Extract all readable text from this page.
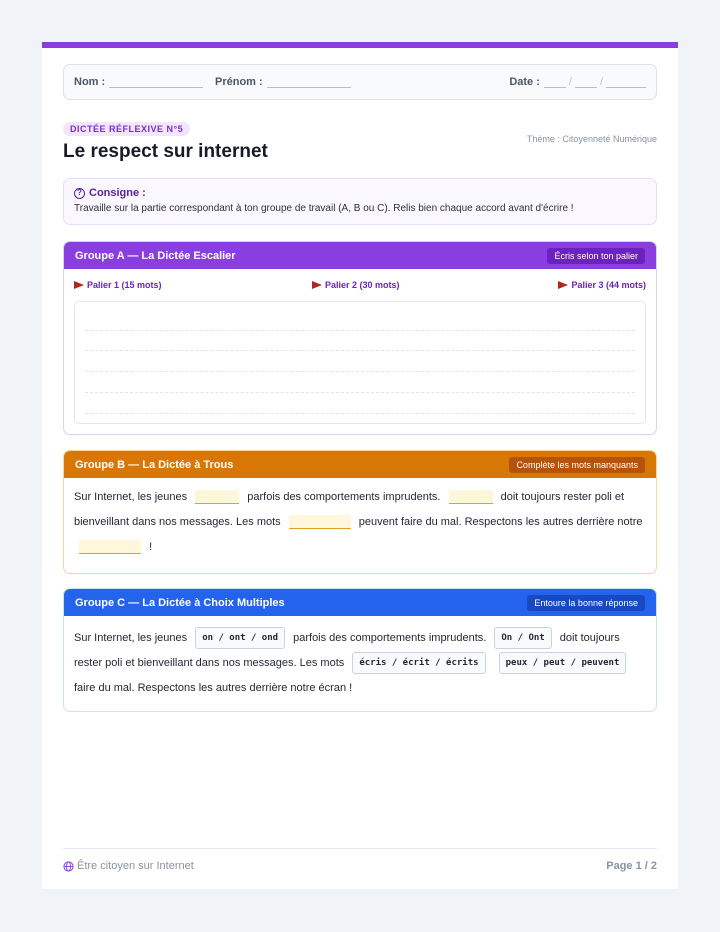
Nom :	Prénom :	Date :	/	/
DICTÉE RÉFLEXIVE N°5
Thème : Citoyenneté Numérique
Le respect sur internet
? Consigne :
Travaille sur la partie correspondant à ton groupe de travail (A, B ou C). Relis bien chaque accord avant d'écrire !
Groupe A — La Dictée Escalier	Écris selon ton palier
Palier 1 (15 mots)	Palier 2 (30 mots)	Palier 3 (44 mots)
Groupe B — La Dictée à Trous	Complète les mots manquants
Sur Internet, les jeunes	parfois des comportements imprudents.	doit toujours rester poli et bienveillant dans nos messages. Les mots	peuvent faire du mal. Respectons les autres derrière notre  !
Groupe C — La Dictée à Choix Multiples	Entoure la bonne réponse
Sur Internet, les jeunes on / ont / ond parfois des comportements imprudents. On / Ont doit toujours rester poli et bienveillant dans nos messages. Les mots écris / écrit / écrits	peux / peut / peuvent faire du mal. Respectons les autres derrière notre écran !
Être citoyen sur Internet	Page 1 / 2
